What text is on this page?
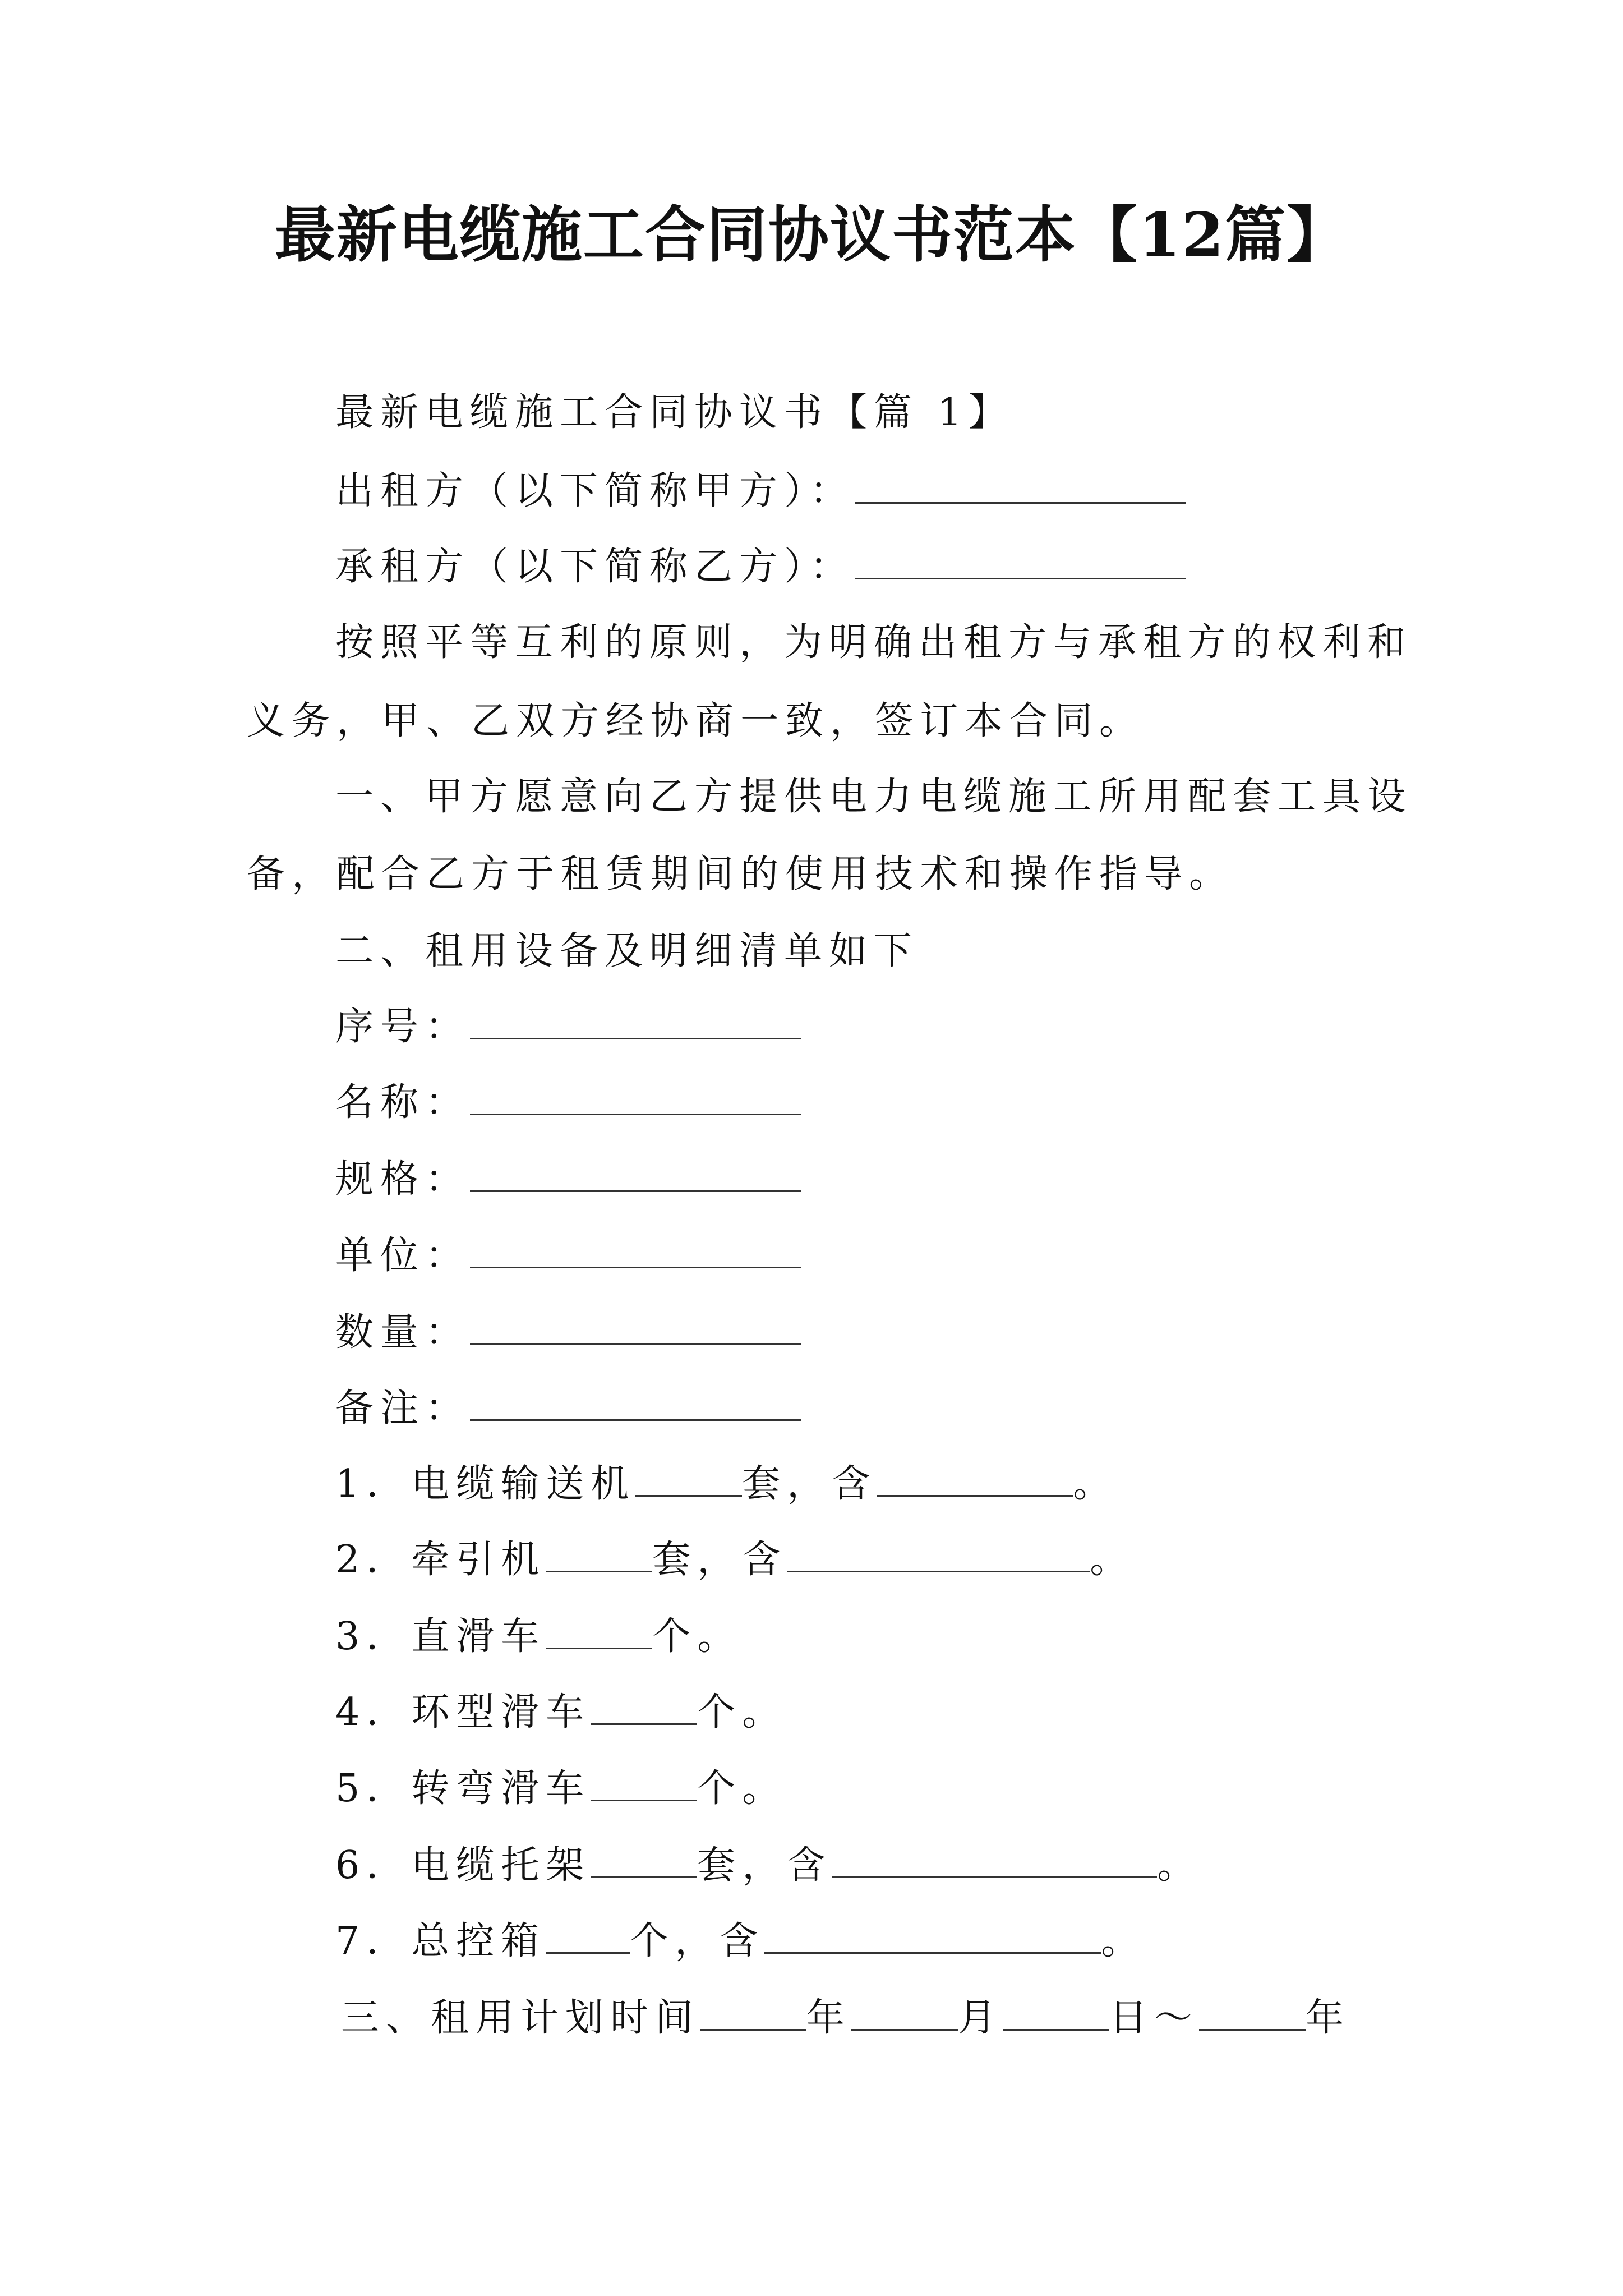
最新电缆施工合同协议书范本【12篇】
最新电缆施工合同协议书【篇 1】
出租方（以下简称甲方）：
承租方（以下简称乙方）：
按照平等互利的原则，为明确出租方与承租方的权利和
义务，甲、乙双方经协商一致，签订本合同。
一、甲方愿意向乙方提供电力电缆施工所用配套工具设
备，配合乙方于租赁期间的使用技术和操作指导。
二、租用设备及明细清单如下
序号：
名称：
规格：
单位：
数量：
备注：
1．电缆输送机	套，含	。
2．牵引机	套，含	。
3．直滑车	个。
4．环型滑车	个。
5．转弯滑车	个。
6．电缆托架	套，含	。
7．总控箱 个，含	。
三、租用计划时间	年	月	日～	年
